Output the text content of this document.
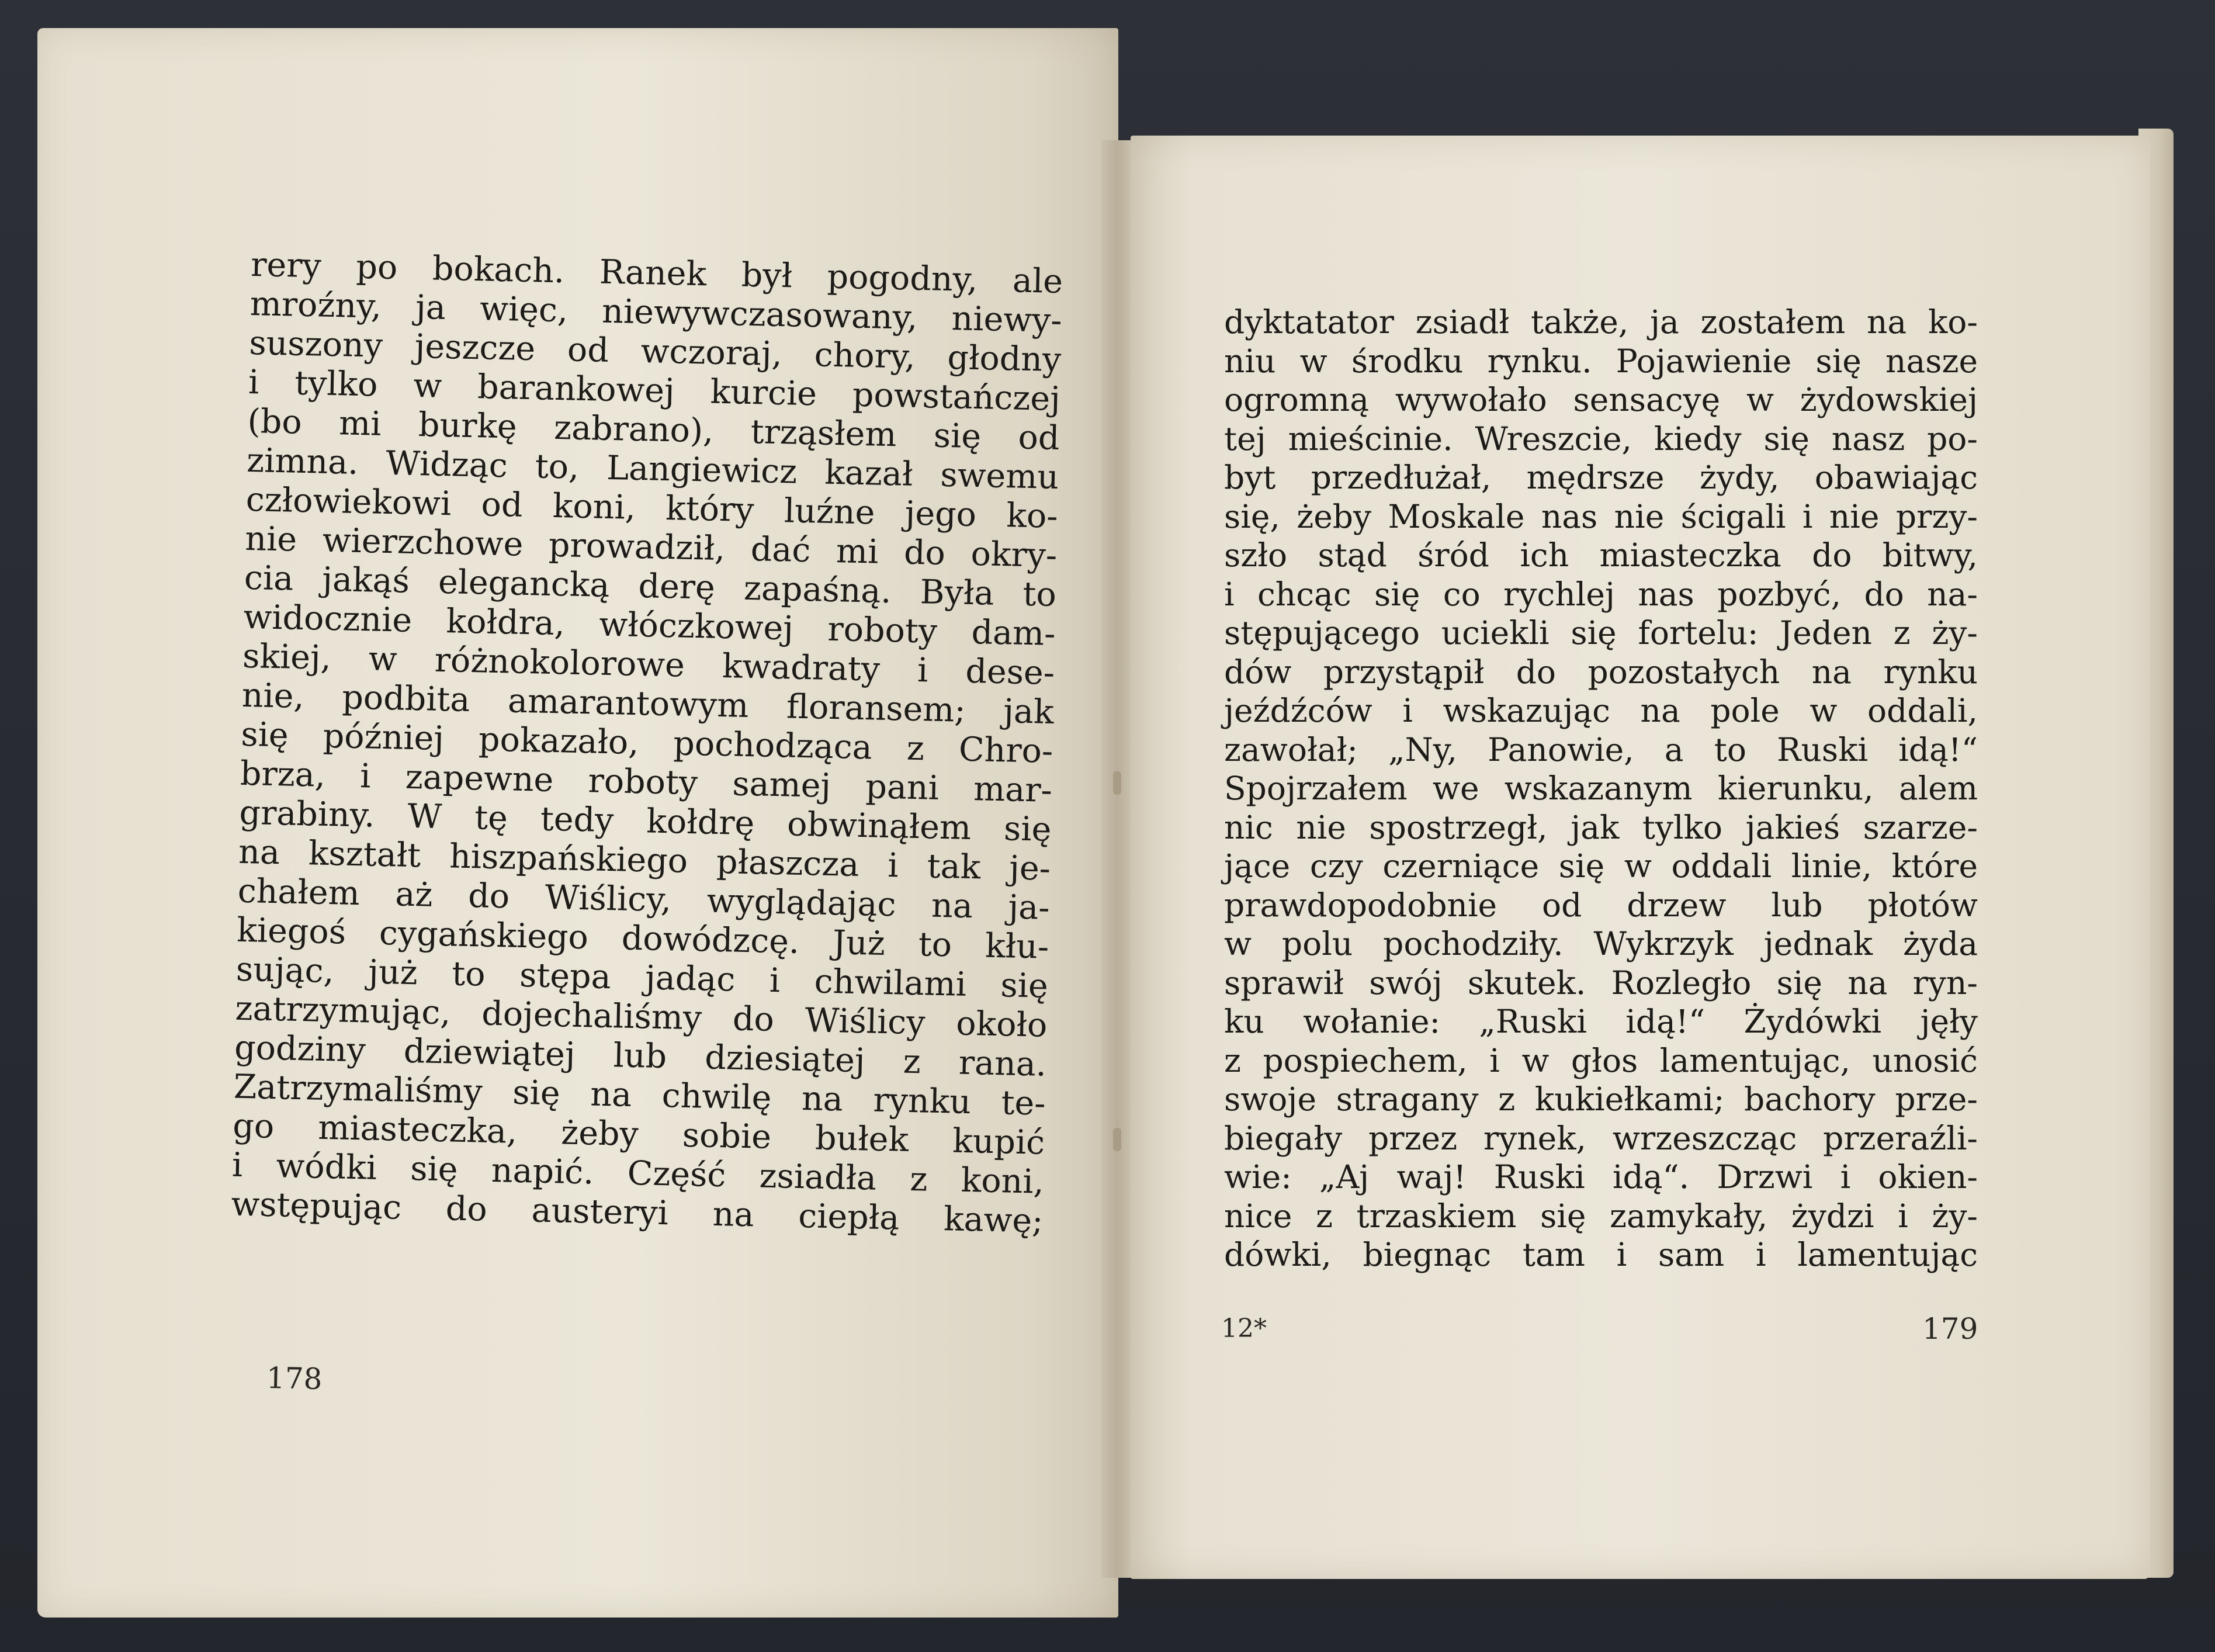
rery po bokach. Ranek był pogodny, ale
mroźny, ja więc, niewywczasowany, niewy-
suszony jeszcze od wczoraj, chory, głodny
i tylko w barankowej kurcie powstańczej
(bo mi burkę zabrano), trząsłem się od
zimna. Widząc to, Langiewicz kazał swemu
człowiekowi od koni, który luźne jego ko-
nie wierzchowe prowadził, dać mi do okry-
cia jakąś elegancką derę zapaśną. Była to
widocznie kołdra, włóczkowej roboty dam-
skiej, w różnokolorowe kwadraty i dese-
nie, podbita amarantowym floransem; jak
się później pokazało, pochodząca z Chro-
brza, i zapewne roboty samej pani mar-
grabiny. W tę tedy kołdrę obwinąłem się
na kształt hiszpańskiego płaszcza i tak je-
chałem aż do Wiślicy, wyglądając na ja-
kiegoś cygańskiego dowódzcę. Już to kłu-
sując, już to stępa jadąc i chwilami się
zatrzymując, dojechaliśmy do Wiślicy około
godziny dziewiątej lub dziesiątej z rana.
Zatrzymaliśmy się na chwilę na rynku te-
go miasteczka, żeby sobie bułek kupić
i wódki się napić. Część zsiadła z koni,
wstępując do austeryi na ciepłą kawę;
178
dyktatator zsiadł także, ja zostałem na ko-
niu w środku rynku. Pojawienie się nasze
ogromną wywołało sensacyę w żydowskiej
tej mieścinie. Wreszcie, kiedy się nasz po-
byt przedłużał, mędrsze żydy, obawiając
się, żeby Moskale nas nie ścigali i nie przy-
szło stąd śród ich miasteczka do bitwy,
i chcąc się co rychlej nas pozbyć, do na-
stępującego uciekli się fortelu: Jeden z ży-
dów przystąpił do pozostałych na rynku
jeźdźców i wskazując na pole w oddali,
zawołał; „Ny, Panowie, a to Ruski idą!“
Spojrzałem we wskazanym kierunku, alem
nic nie spostrzegł, jak tylko jakieś szarze-
jące czy czerniące się w oddali linie, które
prawdopodobnie od drzew lub płotów
w polu pochodziły. Wykrzyk jednak żyda
sprawił swój skutek. Rozległo się na ryn-
ku wołanie: „Ruski idą!“ Żydówki jęły
z pospiechem, i w głos lamentując, unosić
swoje stragany z kukiełkami; bachory prze-
biegały przez rynek, wrzeszcząc przeraźli-
wie: „Aj waj! Ruski idą“. Drzwi i okien-
nice z trzaskiem się zamykały, żydzi i ży-
dówki, biegnąc tam i sam i lamentując
12*	179
